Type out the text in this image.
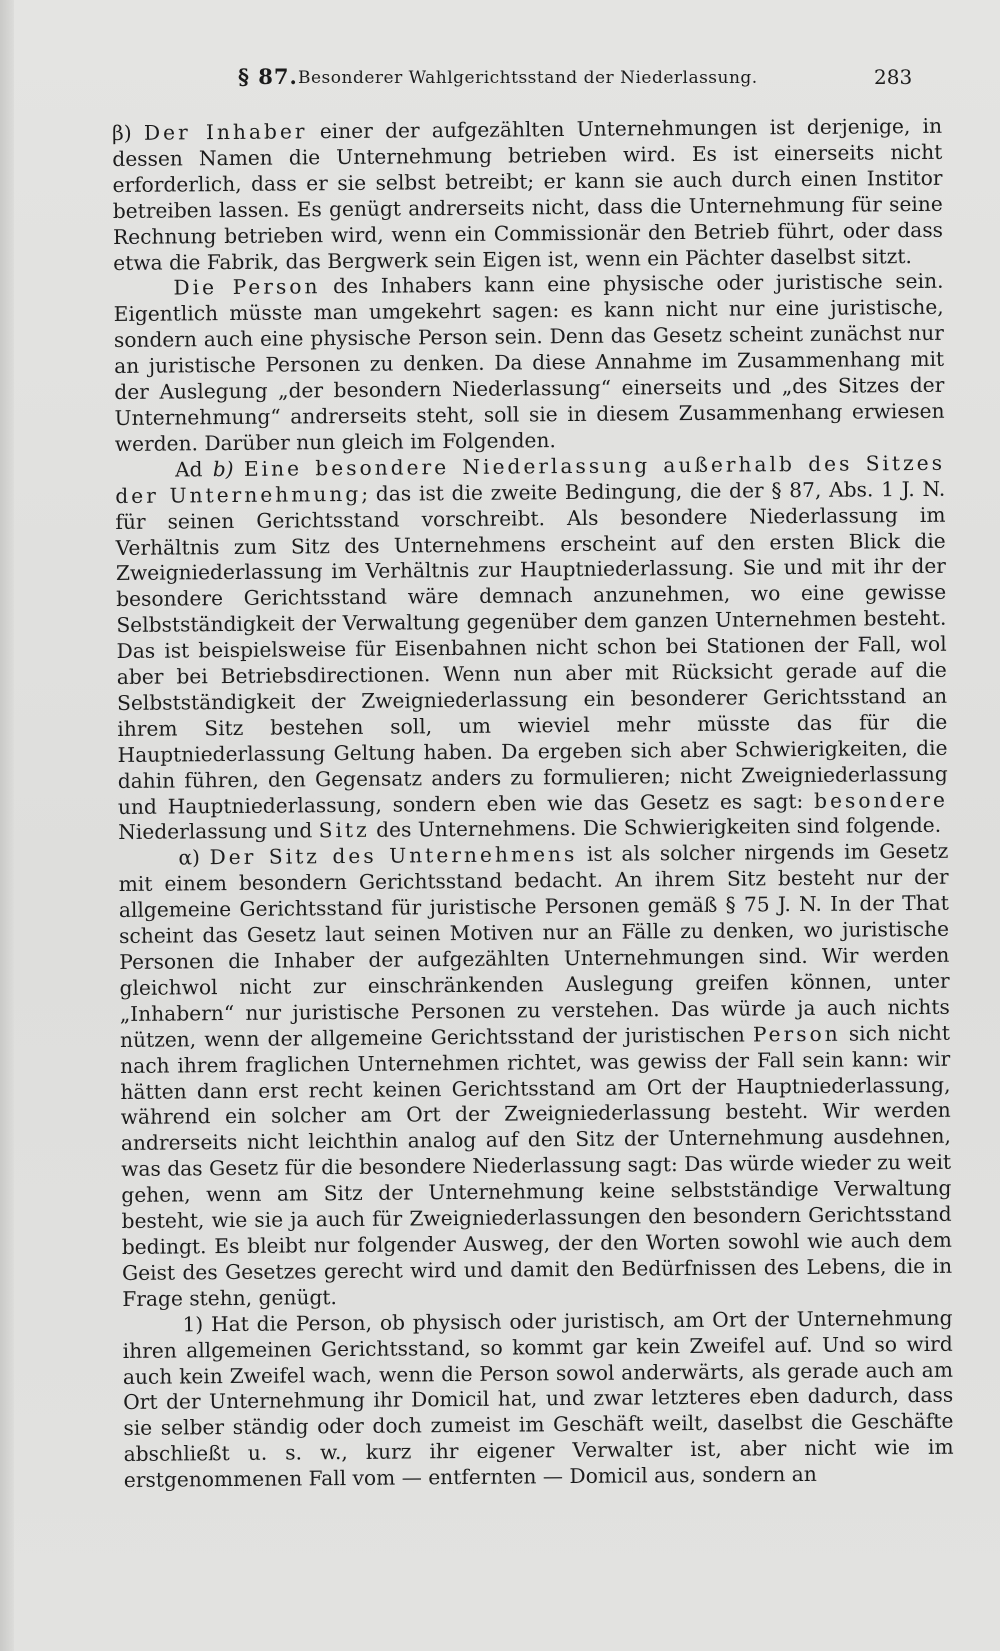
§ 87. Besonderer Wahlgerichtsstand der Niederlassung.	283

β) Der Inhaber einer der aufgezählten Unternehmungen ist derjenige, in dessen Namen die Unternehmung betrieben wird. Es ist einerseits nicht erforderlich, dass er sie selbst betreibt; er kann sie auch durch einen Institor betreiben lassen. Es genügt andrerseits nicht, dass die Unternehmung für seine Rechnung betrieben wird, wenn ein Commissionär den Betrieb führt, oder dass etwa die Fabrik, das Bergwerk sein Eigen ist, wenn ein Pächter daselbst sitzt.

Die Person des Inhabers kann eine physische oder juristische sein. Eigentlich müsste man umgekehrt sagen: es kann nicht nur eine juristische, sondern auch eine physische Person sein. Denn das Gesetz scheint zunächst nur an juristische Personen zu denken. Da diese Annahme im Zusammenhang mit der Auslegung „der besondern Niederlassung“ einerseits und „des Sitzes der Unternehmung“ andrerseits steht, soll sie in diesem Zusammenhang erwiesen werden. Darüber nun gleich im Folgenden.

Ad b) Eine besondere Niederlassung außerhalb des Sitzes der Unternehmung; das ist die zweite Bedingung, die der § 87, Abs. 1 J. N. für seinen Gerichtsstand vorschreibt. Als besondere Niederlassung im Verhältnis zum Sitz des Unternehmens erscheint auf den ersten Blick die Zweigniederlassung im Verhältnis zur Hauptniederlassung. Sie und mit ihr der besondere Gerichtsstand wäre demnach anzunehmen, wo eine gewisse Selbstständigkeit der Verwaltung gegenüber dem ganzen Unternehmen besteht. Das ist beispielsweise für Eisenbahnen nicht schon bei Stationen der Fall, wol aber bei Betriebsdirectionen. Wenn nun aber mit Rücksicht gerade auf die Selbstständigkeit der Zweigniederlassung ein besonderer Gerichtsstand an ihrem Sitz bestehen soll, um wieviel mehr müsste das für die Hauptniederlassung Geltung haben. Da ergeben sich aber Schwierigkeiten, die dahin führen, den Gegensatz anders zu formulieren; nicht Zweigniederlassung und Hauptniederlassung, sondern eben wie das Gesetz es sagt: besondere Niederlassung und Sitz des Unternehmens. Die Schwierigkeiten sind folgende.

α) Der Sitz des Unternehmens ist als solcher nirgends im Gesetz mit einem besondern Gerichtsstand bedacht. An ihrem Sitz besteht nur der allgemeine Gerichtsstand für juristische Personen gemäß § 75 J. N. In der That scheint das Gesetz laut seinen Motiven nur an Fälle zu denken, wo juristische Personen die Inhaber der aufgezählten Unternehmungen sind. Wir werden gleichwol nicht zur einschränkenden Auslegung greifen können, unter „Inhabern“ nur juristische Personen zu verstehen. Das würde ja auch nichts nützen, wenn der allgemeine Gerichtsstand der juristischen Person sich nicht nach ihrem fraglichen Unternehmen richtet, was gewiss der Fall sein kann: wir hätten dann erst recht keinen Gerichtsstand am Ort der Hauptniederlassung, während ein solcher am Ort der Zweigniederlassung besteht. Wir werden andrerseits nicht leichthin analog auf den Sitz der Unternehmung ausdehnen, was das Gesetz für die besondere Niederlassung sagt: Das würde wieder zu weit gehen, wenn am Sitz der Unternehmung keine selbstständige Verwaltung besteht, wie sie ja auch für Zweigniederlassungen den besondern Gerichtsstand bedingt. Es bleibt nur folgender Ausweg, der den Worten sowohl wie auch dem Geist des Gesetzes gerecht wird und damit den Bedürfnissen des Lebens, die in Frage stehn, genügt.

1) Hat die Person, ob physisch oder juristisch, am Ort der Unternehmung ihren allgemeinen Gerichtsstand, so kommt gar kein Zweifel auf. Und so wird auch kein Zweifel wach, wenn die Person sowol anderwärts, als gerade auch am Ort der Unternehmung ihr Domicil hat, und zwar letzteres eben dadurch, dass sie selber ständig oder doch zumeist im Geschäft weilt, daselbst die Geschäfte abschließt u. s. w., kurz ihr eigener Verwalter ist, aber nicht wie im erstgenommenen Fall vom — entfernten — Domicil aus, sondern an
